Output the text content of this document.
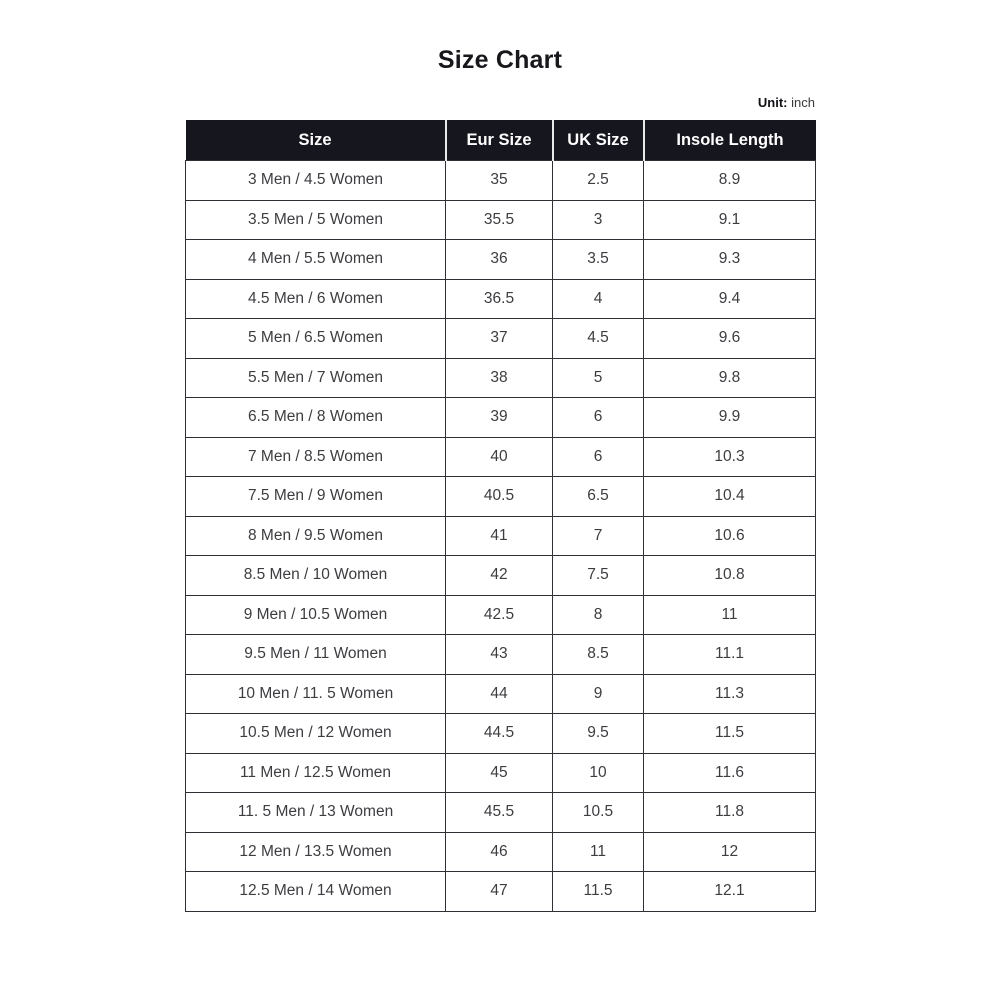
Size Chart
Unit: inch
Size	Eur Size	UK Size	Insole Length
3 Men / 4.5 Women	35	2.5	8.9
3.5 Men / 5 Women	35.5	3	9.1
4 Men / 5.5 Women	36	3.5	9.3
4.5 Men / 6 Women	36.5	4	9.4
5 Men / 6.5 Women	37	4.5	9.6
5.5 Men / 7 Women	38	5	9.8
6.5 Men / 8 Women	39	6	9.9
7 Men / 8.5 Women	40	6	10.3
7.5 Men / 9 Women	40.5	6.5	10.4
8 Men / 9.5 Women	41	7	10.6
8.5 Men / 10 Women	42	7.5	10.8
9 Men / 10.5 Women	42.5	8	11
9.5 Men / 11 Women	43	8.5	11.1
10 Men / 11. 5 Women	44	9	11.3
10.5 Men / 12 Women	44.5	9.5	11.5
11 Men / 12.5 Women	45	10	11.6
11. 5 Men / 13 Women	45.5	10.5	11.8
12 Men / 13.5 Women	46	11	12
12.5 Men / 14 Women	47	11.5	12.1
